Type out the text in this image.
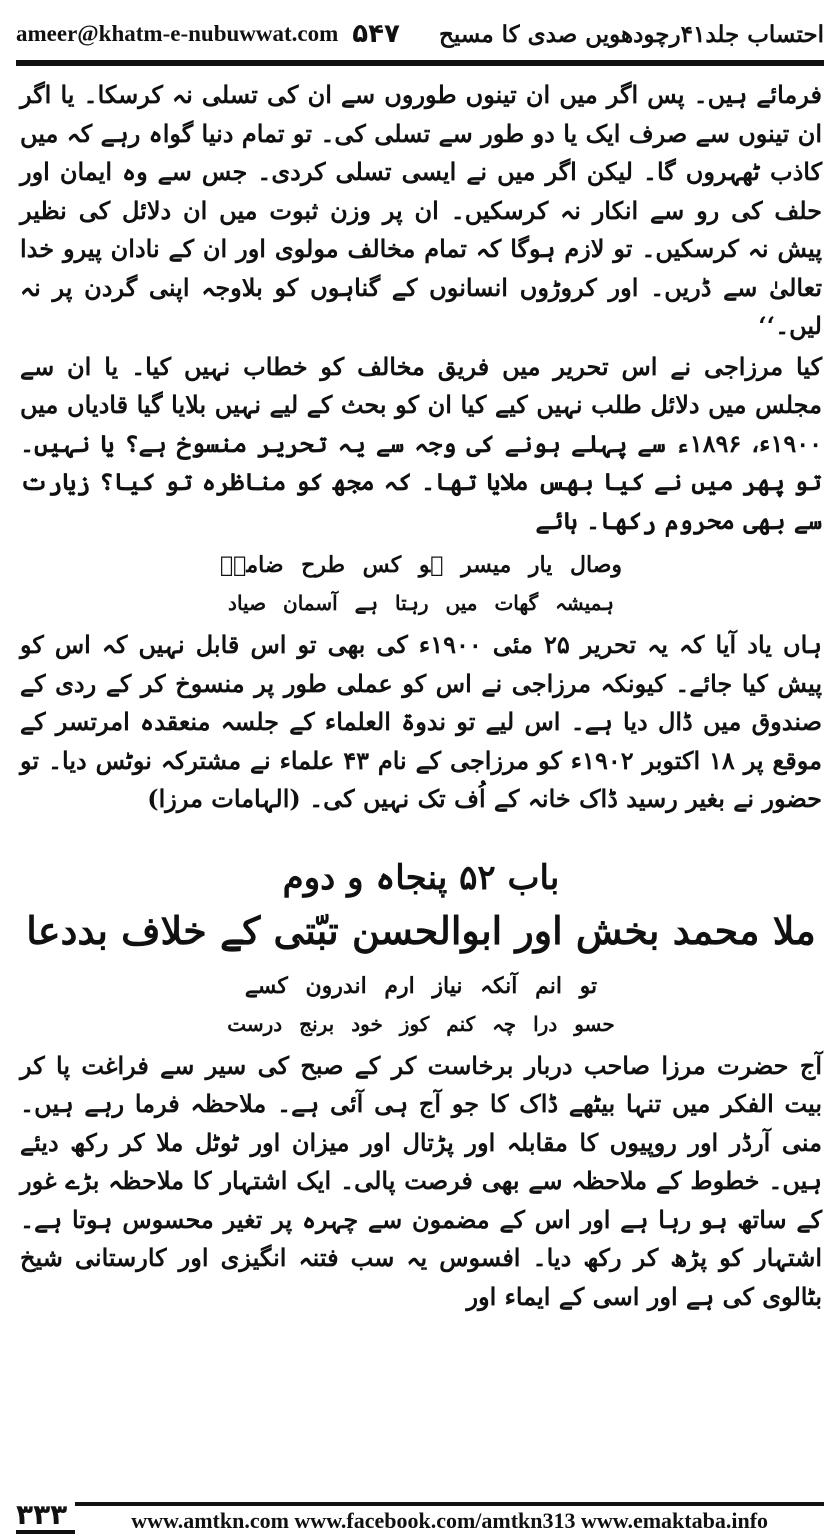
ameer@khatm-e-nubuwwat.com ۵۴۷ احتساب جلد۴۱رچودھویں صدی کا مسیح

فرمائے ہیں۔ پس اگر میں ان تینوں طوروں سے ان کی تسلی نہ کرسکا۔ یا اگر ان تینوں سے صرف ایک یا دو طور سے تسلی کی۔ تو تمام دنیا گواہ رہے کہ میں کاذب ٹھہروں گا۔ لیکن اگر میں نے ایسی تسلی کردی۔ جس سے وہ ایمان اور حلف کی رو سے انکار نہ کرسکیں۔ ان پر وزن ثبوت میں ان دلائل کی نظیر پیش نہ کرسکیں۔ تو لازم ہوگا کہ تمام مخالف مولوی اور ان کے نادان پیرو خدا تعالیٰ سے ڈریں۔ اور کروڑوں انسانوں کے گناہوں کو بلاوجہ اپنی گردن پر نہ لیں۔‘‘

کیا مرزاجی نے اس تحریر میں فریق مخالف کو خطاب نہیں کیا۔ یا ان سے مجلس میں دلائل طلب نہیں کیے کیا ان کو بحث کے لیے نہیں بلایا گیا قادیاں میں ۱۹۰۰ء، ۱۸۹۶ء سے پہلے ہونے کی وجہ سے یہ تحریر منسوخ ہے؟ یا نہیں۔ تو پھر میں نے کیا بھس ملایا تھا۔ کہ مجھ کو مناظرہ تو کیا؟ زیارت سے بھی محروم رکھا۔ ہائے

وصال یار میسر ہو کس طرح ضامنؔ

ہمیشہ گھات میں رہتا ہے آسمان صیاد

ہاں یاد آیا کہ یہ تحریر ۲۵ مئی ۱۹۰۰ء کی بھی تو اس قابل نہیں کہ اس کو پیش کیا جائے۔ کیونکہ مرزاجی نے اس کو عملی طور پر منسوخ کر کے ردی کے صندوق میں ڈال دیا ہے۔ اس لیے تو ندوۃ العلماء کے جلسہ منعقدہ امرتسر کے موقع پر ۱۸ اکتوبر ۱۹۰۲ء کو مرزاجی کے نام ۴۳ علماء نے مشترکہ نوٹس دیا۔ تو حضور نے بغیر رسید ڈاک خانہ کے اُف تک نہیں کی۔ (الہامات مرزا)

باب ۵۲ پنجاہ و دوم

ملا محمد بخش اور ابوالحسن تبّتی کے خلاف بددعا

تو انم آنکہ نیاز ارم اندرون کسے

حسو درا چہ کنم کوز خود برنج درست

آج حضرت مرزا صاحب دربار برخاست کر کے صبح کی سیر سے فراغت پا کر بیت الفکر میں تنہا بیٹھے ڈاک کا جو آج ہی آئی ہے۔ ملاحظہ فرما رہے ہیں۔ منی آرڈر اور روپیوں کا مقابلہ اور پڑتال اور میزان اور ٹوٹل ملا کر رکھ دیئے ہیں۔ خطوط کے ملاحظہ سے بھی فرصت پالی۔ ایک اشتہار کا ملاحظہ بڑے غور کے ساتھ ہو رہا ہے اور اس کے مضمون سے چہرہ پر تغیر محسوس ہوتا ہے۔ اشتہار کو پڑھ کر رکھ دیا۔ افسوس یہ سب فتنہ انگیزی اور کارستانی شیخ بٹالوی کی ہے اور اسی کے ایماء اور

۳۳۳	www.amtkn.com www.facebook.com/amtkn313 www.emaktaba.info
